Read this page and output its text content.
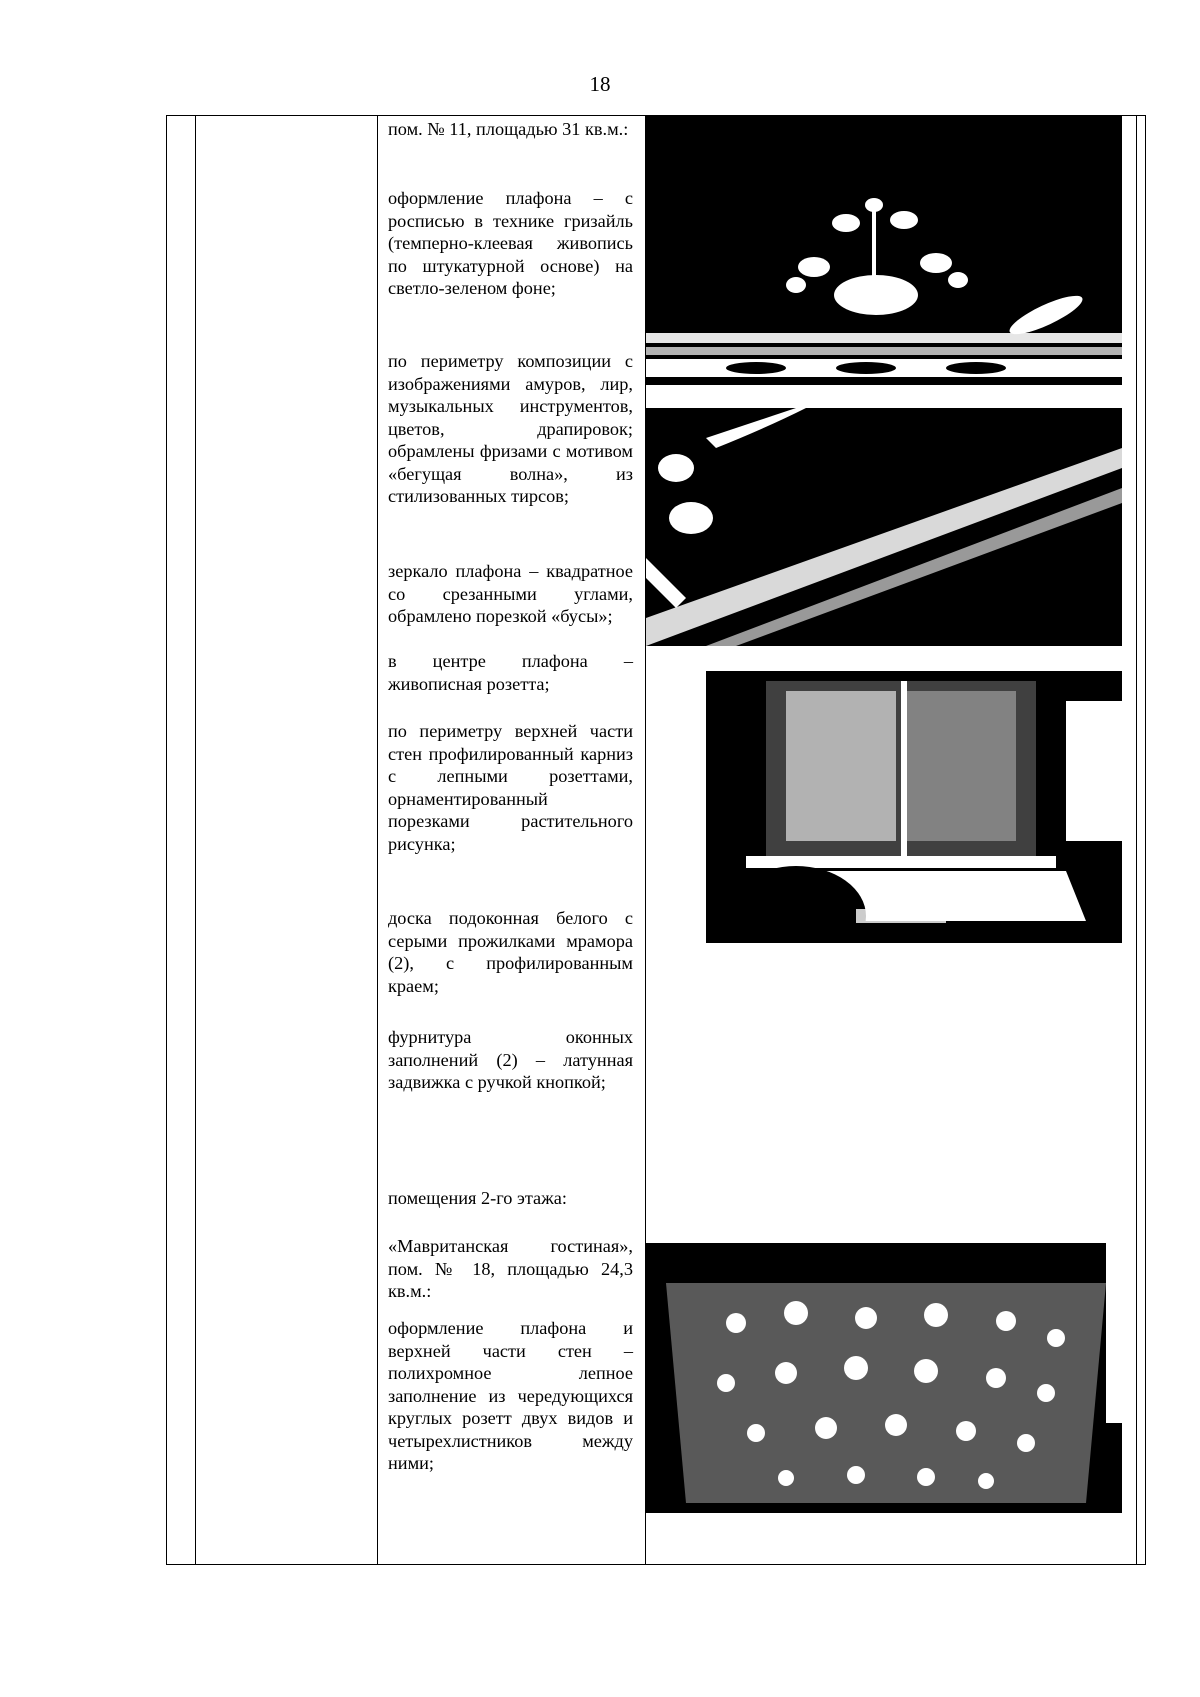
18

пом. № 11, площадью 31 кв.м.:

оформление плафона – с росписью в технике гризайль (темперно-клеевая живопись по штукатурной основе) на светло-зеленом фоне;

по периметру композиции с изображениями амуров, лир, музыкальных инструментов, цветов, драпировок; обрамлены фризами с мотивом «бегущая волна», из стилизованных тирсов;

зеркало плафона – квадратное со срезанными углами, обрамлено порезкой «бусы»;

в центре плафона – живописная розетта;

по периметру верхней части стен профилированный карниз с лепными розеттами, орнаментированный порезками растительного рисунка;

доска подоконная белого с серыми прожилками мрамора (2), с профилированным краем;

фурнитура оконных заполнений (2) – латунная задвижка с ручкой кнопкой;

помещения 2-го этажа:

«Мавританская гостиная», пом. № 18, площадью 24,3 кв.м.:

оформление плафона и верхней части стен – полихромное лепное заполнение из чередующихся круглых розетт двух видов и четырехлистников между ними;
